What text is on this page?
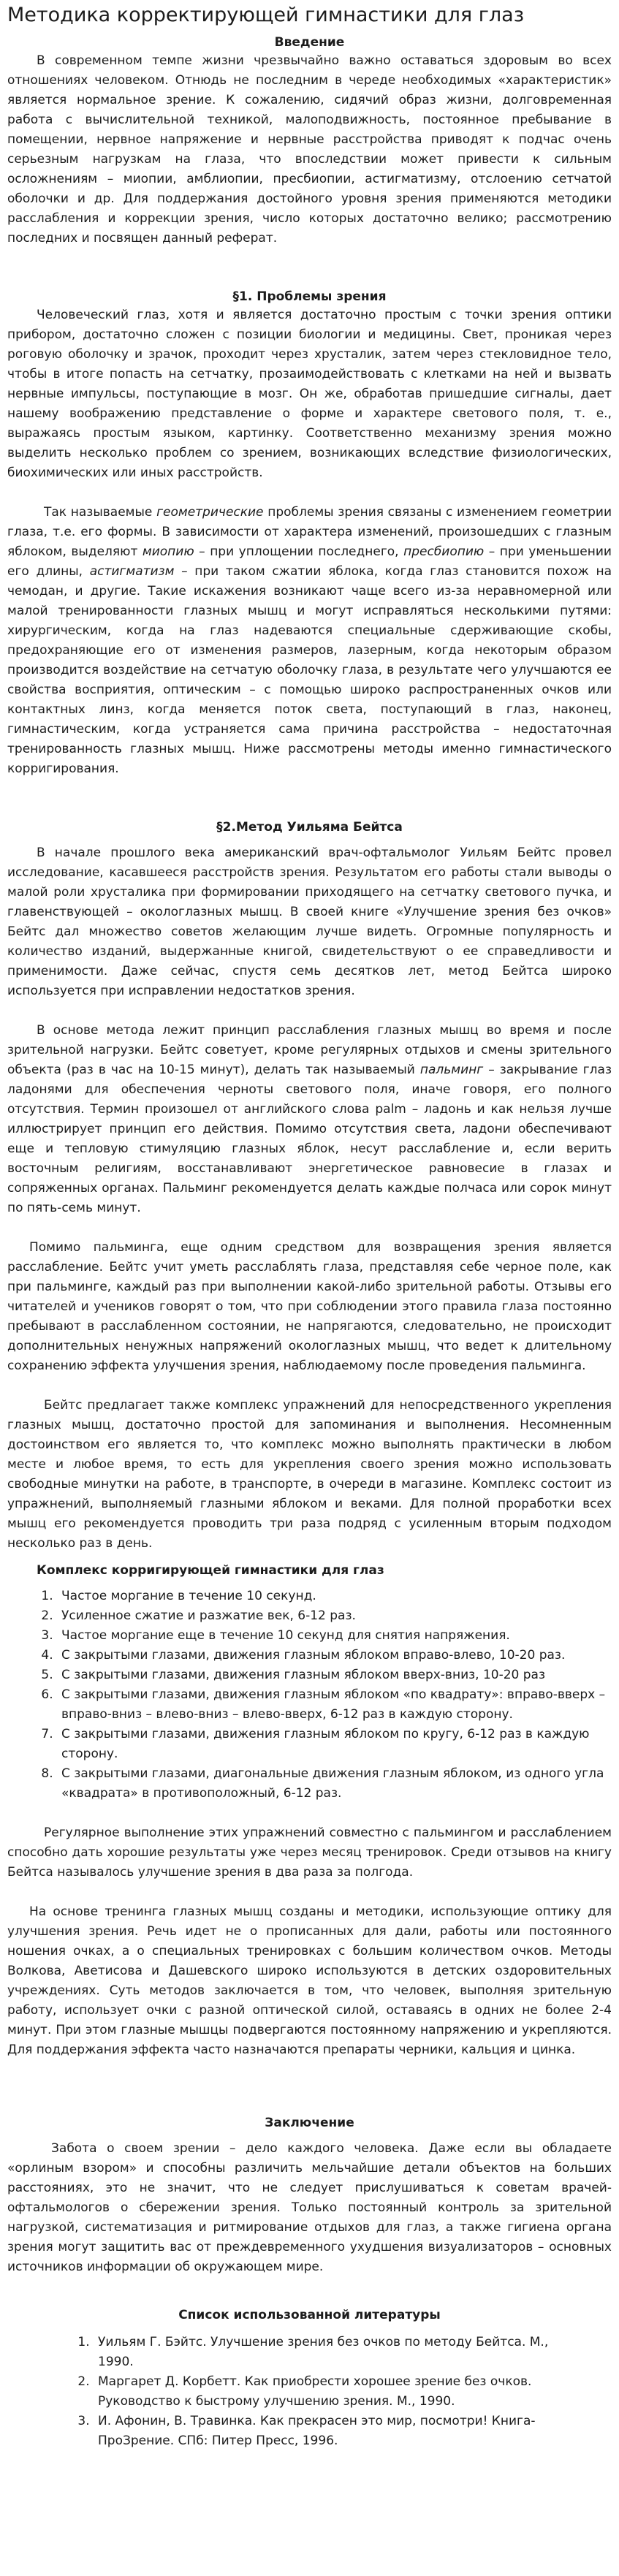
Методика корректирующей гимнастики для глаз
Введение

В современном темпе жизни чрезвычайно важно оставаться здоровым во всех отношениях человеком. Отнюдь не последним в череде необходимых «характеристик» является нормальное зрение. К сожалению, сидячий образ жизни, долговременная работа с вычислительной техникой, малоподвижность, постоянное пребывание в помещении, нервное напряжение и нервные расстройства приводят к подчас очень серьезным нагрузкам на глаза, что впоследствии может привести к сильным осложнениям – миопии, амблиопии, пресбиопии, астигматизму, отслоению сетчатой оболочки и др. Для поддержания достойного уровня зрения применяются методики расслабления и коррекции зрения, число которых достаточно велико; рассмотрению последних и посвящен данный реферат.

§1. Проблемы зрения

Человеческий глаз, хотя и является достаточно простым с точки зрения оптики прибором, достаточно сложен с позиции биологии и медицины. Свет, проникая через роговую оболочку и зрачок, проходит через хрусталик, затем через стекловидное тело, чтобы в итоге попасть на сетчатку, прозаимодействовать с клетками на ней и вызвать нервные импульсы, поступающие в мозг. Он же, обработав пришедшие сигналы, дает нашему воображению представление о форме и характере светового поля, т. е., выражаясь простым языком, картинку. Соответственно механизму зрения можно выделить несколько проблем со зрением, возникающих вследствие физиологических, биохимических или иных расстройств.

Так называемые геометрические проблемы зрения связаны с изменением геометрии глаза, т.е. его формы. В зависимости от характера изменений, произошедших с глазным яблоком, выделяют миопию – при уплощении последнего, пресбиопию – при уменьшении его длины, астигматизм – при таком сжатии яблока, когда глаз становится похож на чемодан, и другие. Такие искажения возникают чаще всего из-за неравномерной или малой тренированности глазных мышц и могут исправляться несколькими путями: хирургическим, когда на глаз надеваются специальные сдерживающие скобы, предохраняющие его от изменения размеров, лазерным, когда некоторым образом производится воздействие на сетчатую оболочку глаза, в результате чего улучшаются ее свойства восприятия, оптическим – с помощью широко распространенных очков или контактных линз, когда меняется поток света, поступающий в глаз, наконец, гимнастическим, когда устраняется сама причина расстройства – недостаточная тренированность глазных мышц. Ниже рассмотрены методы именно гимнастического корригирования.

§2.Метод Уильяма Бейтса

В начале прошлого века американский врач-офтальмолог Уильям Бейтс провел исследование, касавшееся расстройств зрения. Результатом его работы стали выводы о малой роли хрусталика при формировании приходящего на сетчатку светового пучка, и главенствующей – окологлазных мышц. В своей книге «Улучшение зрения без очков» Бейтс дал множество советов желающим лучше видеть. Огромные популярность и количество изданий, выдержанные книгой, свидетельствуют о ее справедливости и применимости. Даже сейчас, спустя семь десятков лет, метод Бейтса широко используется при исправлении недостатков зрения.

В основе метода лежит принцип расслабления глазных мышц во время и после зрительной нагрузки. Бейтс советует, кроме регулярных отдыхов и смены зрительного объекта (раз в час на 10-15 минут), делать так называемый пальминг – закрывание глаз ладонями для обеспечения черноты светового поля, иначе говоря, его полного отсутствия. Термин произошел от английского слова palm – ладонь и как нельзя лучше иллюстрирует принцип его действия. Помимо отсутствия света, ладони обеспечивают еще и тепловую стимуляцию глазных яблок, несут расслабление и, если верить восточным религиям, восстанавливают энергетическое равновесие в глазах и сопряженных органах. Пальминг рекомендуется делать каждые полчаса или сорок минут по пять-семь минут.

Помимо пальминга, еще одним средством для возвращения зрения является расслабление. Бейтс учит уметь расслаблять глаза, представляя себе черное поле, как при пальминге, каждый раз при выполнении какой-либо зрительной работы. Отзывы его читателей и учеников говорят о том, что при соблюдении этого правила глаза постоянно пребывают в расслабленном состоянии, не напрягаются, следовательно, не происходит дополнительных ненужных напряжений окологлазных мышц, что ведет к длительному сохранению эффекта улучшения зрения, наблюдаемому после проведения пальминга.

Бейтс предлагает также комплекс упражнений для непосредственного укрепления глазных мышц, достаточно простой для запоминания и выполнения. Несомненным достоинством его является то, что комплекс можно выполнять практически в любом месте и любое время, то есть для укрепления своего зрения можно использовать свободные минутки на работе, в транспорте, в очереди в магазине. Комплекс состоит из упражнений, выполняемый глазными яблоком и веками. Для полной проработки всех мышц его рекомендуется проводить три раза подряд с усиленным вторым подходом несколько раз в день.

Комплекс корригирующей гимнастики для глаз
1. Частое моргание в течение 10 секунд.
2. Усиленное сжатие и разжатие век, 6-12 раз.
3. Частое моргание еще в течение 10 секунд для снятия напряжения.
4. С закрытыми глазами, движения глазным яблоком вправо-влево, 10-20 раз.
5. С закрытыми глазами, движения глазным яблоком вверх-вниз, 10-20 раз
6. С закрытыми глазами, движения глазным яблоком «по квадрату»: вправо-вверх – вправо-вниз – влево-вниз – влево-вверх, 6-12 раз в каждую сторону.
7. С закрытыми глазами, движения глазным яблоком по кругу, 6-12 раз в каждую сторону.
8. С закрытыми глазами, диагональные движения глазным яблоком, из одного угла «квадрата» в противоположный, 6-12 раз.

Регулярное выполнение этих упражнений совместно с пальмингом и расслаблением способно дать хорошие результаты уже через месяц тренировок. Среди отзывов на книгу Бейтса называлось улучшение зрения в два раза за полгода.

На основе тренинга глазных мышц созданы и методики, использующие оптику для улучшения зрения. Речь идет не о прописанных для дали, работы или постоянного ношения очках, а о специальных тренировках с большим количеством очков. Методы Волкова, Аветисова и Дашевского широко используются в детских оздоровительных учреждениях. Суть методов заключается в том, что человек, выполняя зрительную работу, использует очки с разной оптической силой, оставаясь в одних не более 2-4 минут. При этом глазные мышцы подвергаются постоянному напряжению и укрепляются. Для поддержания эффекта часто назначаются препараты черники, кальция и цинка.

Заключение

Забота о своем зрении – дело каждого человека. Даже если вы обладаете «орлиным взором» и способны различить мельчайшие детали объектов на больших расстояниях, это не значит, что не следует прислушиваться к советам врачей-офтальмологов о сбережении зрения. Только постоянный контроль за зрительной нагрузкой, систематизация и ритмирование отдыхов для глаз, а также гигиена органа зрения могут защитить вас от преждевременного ухудшения визуализаторов – основных источников информации об окружающем мире.

Список использованной литературы
1. Уильям Г. Бэйтс. Улучшение зрения без очков по методу Бейтса. М., 1990.
2. Маргарет Д. Корбетт. Как приобрести хорошее зрение без очков. Руководство к быстрому улучшению зрения. М., 1990.
3. И. Афонин, В. Травинка. Как прекрасен это мир, посмотри! Книга-ПроЗрение. СПб: Питер Пресс, 1996.
